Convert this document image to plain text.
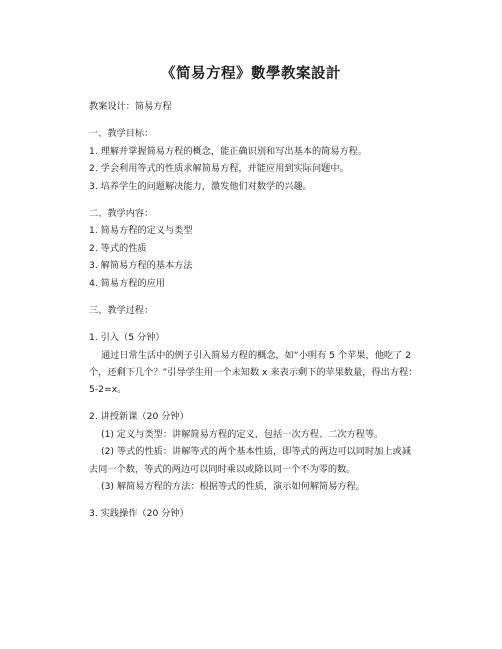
《简易方程》數學教案設計
教案设计：简易方程
一、教学目标：
1. 理解并掌握简易方程的概念，能正确识别和写出基本的简易方程。
2. 学会利用等式的性质求解简易方程，并能应用到实际问题中。
3. 培养学生的问题解决能力，激发他们对数学的兴趣。
二、教学内容：
1. 简易方程的定义与类型
2. 等式的性质
3. 解简易方程的基本方法
4. 简易方程的应用
三、教学过程：
1. 引入（5 分钟）
通过日常生活中的例子引入简易方程的概念，如“小明有 5 个苹果，他吃了 2 个，还剩下几个？”引导学生用一个未知数 x 来表示剩下的苹果数量，得出方程：5-2=x。
2. 讲授新课（20 分钟）
(1) 定义与类型：讲解简易方程的定义，包括一次方程、二次方程等。
(2) 等式的性质：讲解等式的两个基本性质，即等式的两边可以同时加上或减去同一个数，等式的两边可以同时乘以或除以同一个不为零的数。
(3) 解简易方程的方法：根据等式的性质，演示如何解简易方程。
3. 实践操作（20 分钟）
